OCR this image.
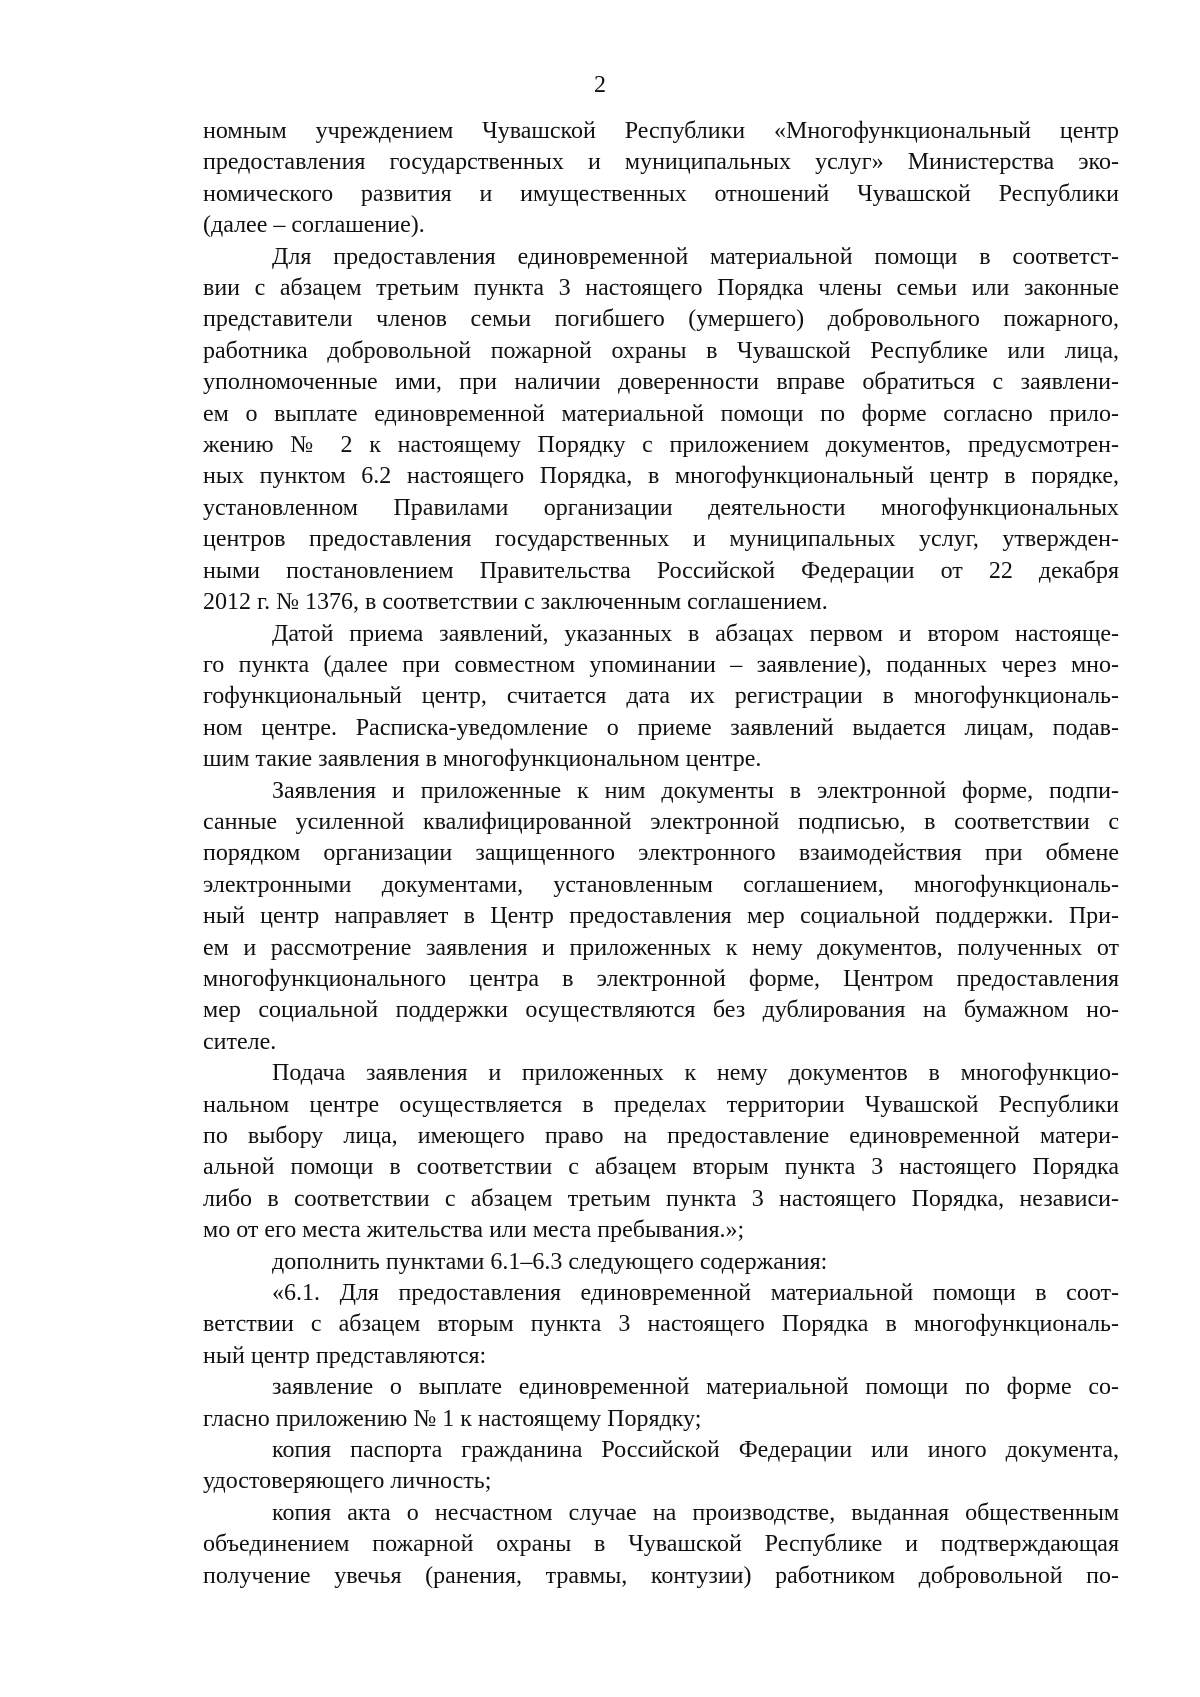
2
номным учреждением Чувашской Республики «Многофункциональный центр
предоставления государственных и муниципальных услуг» Министерства эко-
номического развития и имущественных отношений Чувашской Республики
(далее – соглашение).
Для предоставления единовременной материальной помощи в соответст-
вии с абзацем третьим пункта 3 настоящего Порядка члены семьи или законные
представители членов семьи погибшего (умершего) добровольного пожарного,
работника добровольной пожарной охраны в Чувашской Республике или лица,
уполномоченные ими, при наличии доверенности вправе обратиться с заявлени-
ем о выплате единовременной материальной помощи по форме согласно прило-
жению № 2 к настоящему Порядку с приложением документов, предусмотрен-
ных пунктом 6.2 настоящего Порядка, в многофункциональный центр в порядке,
установленном Правилами организации деятельности многофункциональных
центров предоставления государственных и муниципальных услуг, утвержден-
ными постановлением Правительства Российской Федерации от 22 декабря
2012 г. № 1376, в соответствии с заключенным соглашением.
Датой приема заявлений, указанных в абзацах первом и втором настояще-
го пункта (далее при совместном упоминании – заявление), поданных через мно-
гофункциональный центр, считается дата их регистрации в многофункциональ-
ном центре. Расписка-уведомление о приеме заявлений выдается лицам, подав-
шим такие заявления в многофункциональном центре.
Заявления и приложенные к ним документы в электронной форме, подпи-
санные усиленной квалифицированной электронной подписью, в соответствии с
порядком организации защищенного электронного взаимодействия при обмене
электронными документами, установленным соглашением, многофункциональ-
ный центр направляет в Центр предоставления мер социальной поддержки. При-
ем и рассмотрение заявления и приложенных к нему документов, полученных от
многофункционального центра в электронной форме, Центром предоставления
мер социальной поддержки осуществляются без дублирования на бумажном но-
сителе.
Подача заявления и приложенных к нему документов в многофункцио-
нальном центре осуществляется в пределах территории Чувашской Республики
по выбору лица, имеющего право на предоставление единовременной матери-
альной помощи в соответствии с абзацем вторым пункта 3 настоящего Порядка
либо в соответствии с абзацем третьим пункта 3 настоящего Порядка, независи-
мо от его места жительства или места пребывания.»;
дополнить пунктами 6.1–6.3 следующего содержания:
«6.1. Для предоставления единовременной материальной помощи в соот-
ветствии с абзацем вторым пункта 3 настоящего Порядка в многофункциональ-
ный центр представляются:
заявление о выплате единовременной материальной помощи по форме со-
гласно приложению № 1 к настоящему Порядку;
копия паспорта гражданина Российской Федерации или иного документа,
удостоверяющего личность;
копия акта о несчастном случае на производстве, выданная общественным
объединением пожарной охраны в Чувашской Республике и подтверждающая
получение увечья (ранения, травмы, контузии) работником добровольной по-
